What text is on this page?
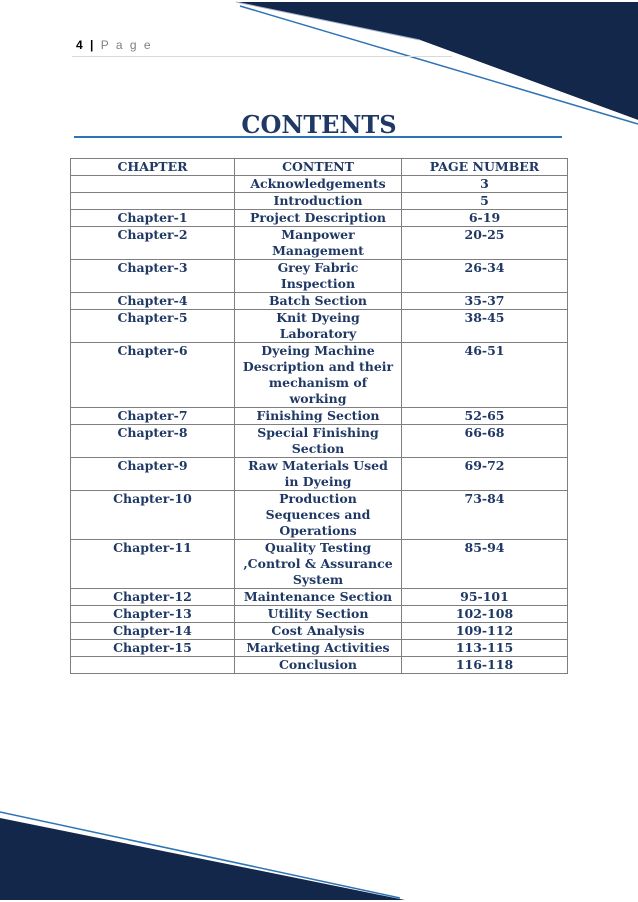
4 | P a g e
CONTENTS
CHAPTER	CONTENT	PAGE NUMBER
	Acknowledgements	3
	Introduction	5
Chapter-1	Project Description	6-19
Chapter-2	Manpower Management	20-25
Chapter-3	Grey Fabric Inspection	26-34
Chapter-4	Batch Section	35-37
Chapter-5	Knit Dyeing Laboratory	38-45
Chapter-6	Dyeing Machine Description and their mechanism of working	46-51
Chapter-7	Finishing Section	52-65
Chapter-8	Special Finishing Section	66-68
Chapter-9	Raw Materials Used in Dyeing	69-72
Chapter-10	Production Sequences and Operations	73-84
Chapter-11	Quality Testing ,Control & Assurance System	85-94
Chapter-12	Maintenance Section	95-101
Chapter-13	Utility Section	102-108
Chapter-14	Cost Analysis	109-112
Chapter-15	Marketing Activities	113-115
	Conclusion	116-118
